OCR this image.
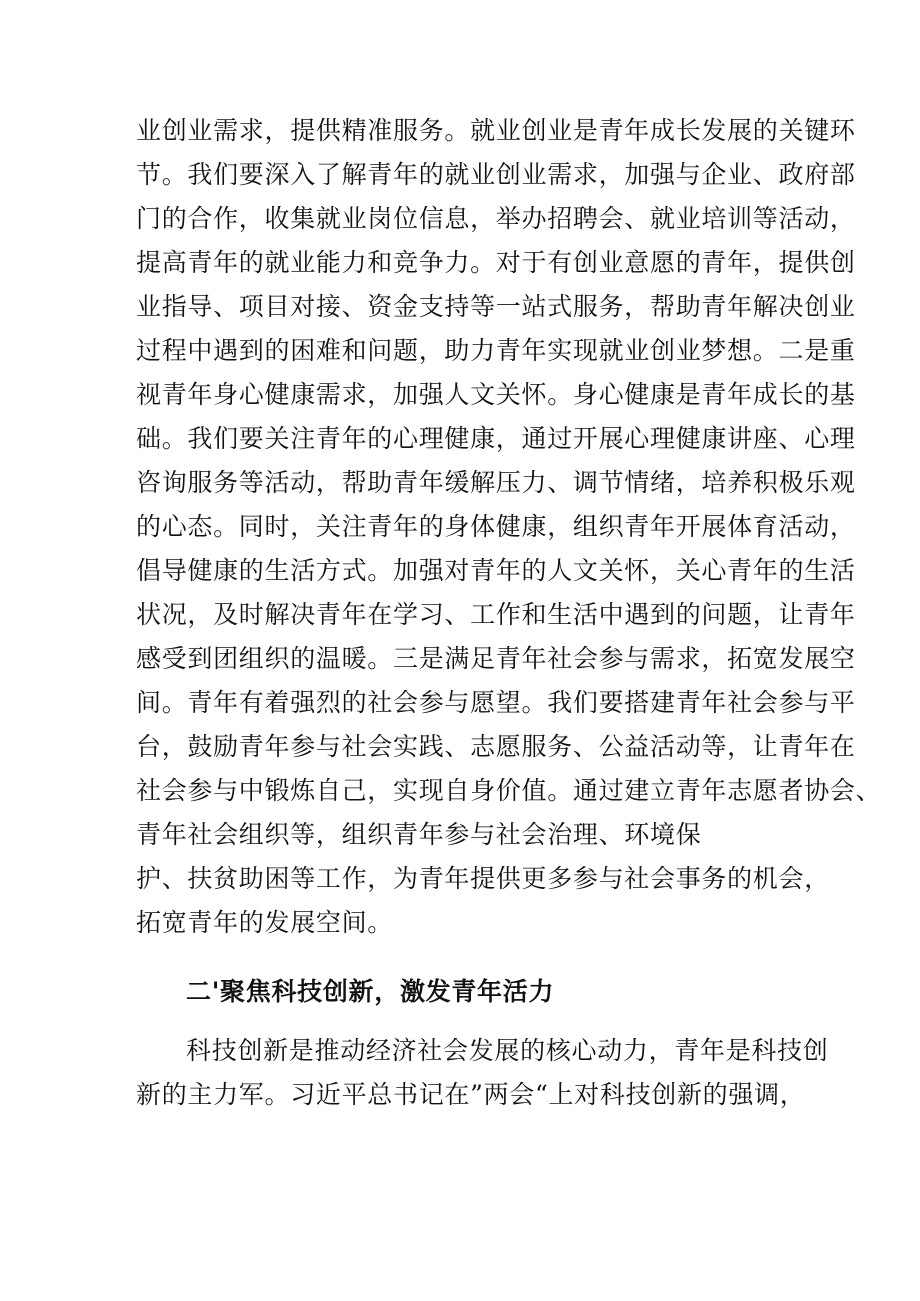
业创业需求，提供精准服务。就业创业是青年成长发展的关键环
节。我们要深入了解青年的就业创业需求，加强与企业、政府部
门的合作，收集就业岗位信息，举办招聘会、就业培训等活动，
提高青年的就业能力和竞争力。对于有创业意愿的青年，提供创
业指导、项目对接、资金支持等一站式服务，帮助青年解决创业
过程中遇到的困难和问题，助力青年实现就业创业梦想。二是重
视青年身心健康需求，加强人文关怀。身心健康是青年成长的基
础。我们要关注青年的心理健康，通过开展心理健康讲座、心理
咨询服务等活动，帮助青年缓解压力、调节情绪，培养积极乐观
的心态。同时，关注青年的身体健康，组织青年开展体育活动，
倡导健康的生活方式。加强对青年的人文关怀，关心青年的生活
状况，及时解决青年在学习、工作和生活中遇到的问题，让青年
感受到团组织的温暖。三是满足青年社会参与需求，拓宽发展空
间。青年有着强烈的社会参与愿望。我们要搭建青年社会参与平
台，鼓励青年参与社会实践、志愿服务、公益活动等，让青年在
社会参与中锻炼自己，实现自身价值。通过建立青年志愿者协会、
青年社会组织等，组织青年参与社会治理、环境保
护、扶贫助困等工作，为青年提供更多参与社会事务的机会，
拓宽青年的发展空间。
二'聚焦科技创新，激发青年活力
科技创新是推动经济社会发展的核心动力，青年是科技创
新的主力军。习近平总书记在”两会“上对科技创新的强调，
